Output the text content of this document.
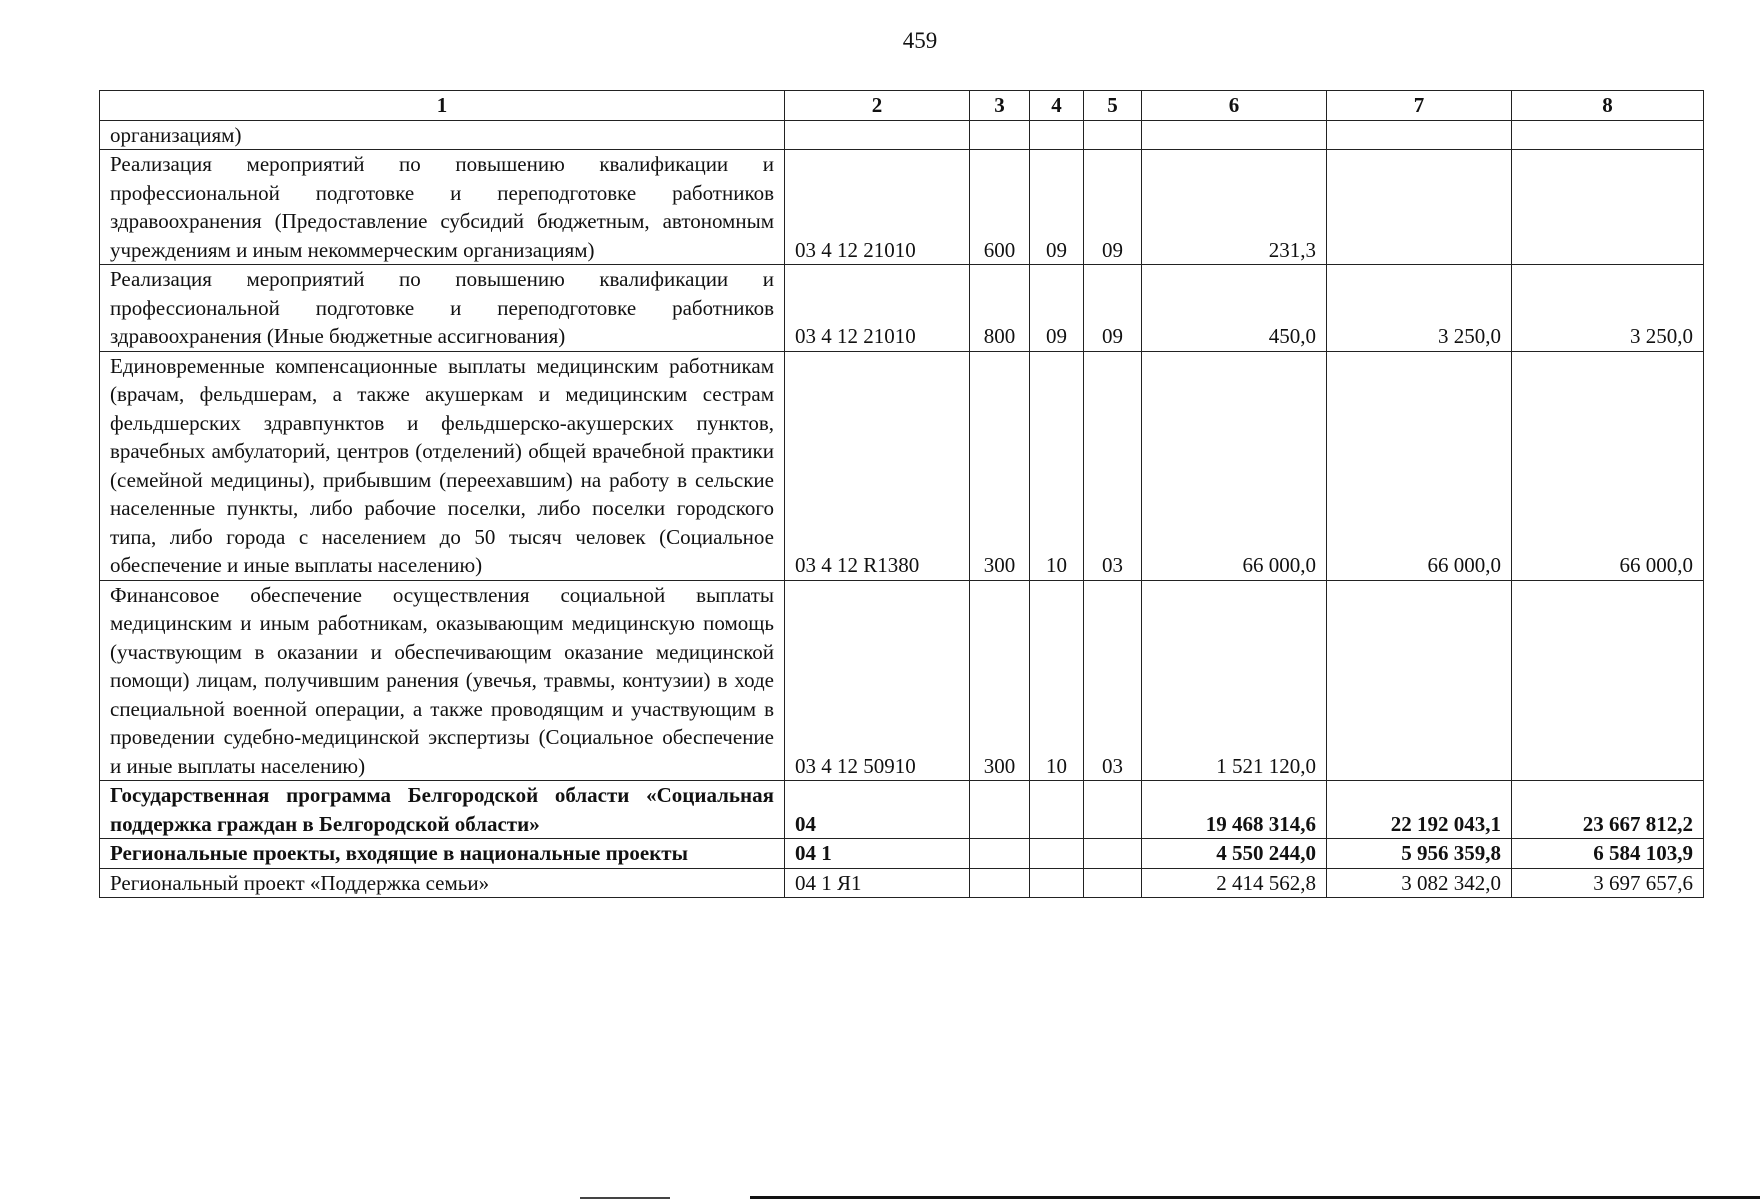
459
1	2	3	4	5	6	7	8
организациям)							
Реализация мероприятий по повышению квалификации и профессиональной подготовке и переподготовке работников здравоохранения (Предоставление субсидий бюджетным, автономным учреждениям и иным некоммерческим организациям)	03 4 12 21010	600	09	09	231,3		
Реализация мероприятий по повышению квалификации и профессиональной подготовке и переподготовке работников здравоохранения (Иные бюджетные ассигнования)	03 4 12 21010	800	09	09	450,0	3 250,0	3 250,0
Единовременные компенсационные выплаты медицинским работникам (врачам, фельдшерам, а также акушеркам и медицинским сестрам фельдшерских здравпунктов и фельдшерско-акушерских пунктов, врачебных амбулаторий, центров (отделений) общей врачебной практики (семейной медицины), прибывшим (переехавшим) на работу в сельские населенные пункты, либо рабочие поселки, либо поселки городского типа, либо города с населением до 50 тысяч человек (Социальное обеспечение и иные выплаты населению)	03 4 12 R1380	300	10	03	66 000,0	66 000,0	66 000,0
Финансовое обеспечение осуществления социальной выплаты медицинским и иным работникам, оказывающим медицинскую помощь (участвующим в оказании и обеспечивающим оказание медицинской помощи) лицам, получившим ранения (увечья, травмы, контузии) в ходе специальной военной операции, а также проводящим и участвующим в проведении судебно-медицинской экспертизы (Социальное обеспечение и иные выплаты населению)	03 4 12 50910	300	10	03	1 521 120,0		
Государственная программа Белгородской области «Социальная поддержка граждан в Белгородской области»	04				19 468 314,6	22 192 043,1	23 667 812,2
Региональные проекты, входящие в национальные проекты	04 1				4 550 244,0	5 956 359,8	6 584 103,9
Региональный проект «Поддержка семьи»	04 1 Я1				2 414 562,8	3 082 342,0	3 697 657,6
